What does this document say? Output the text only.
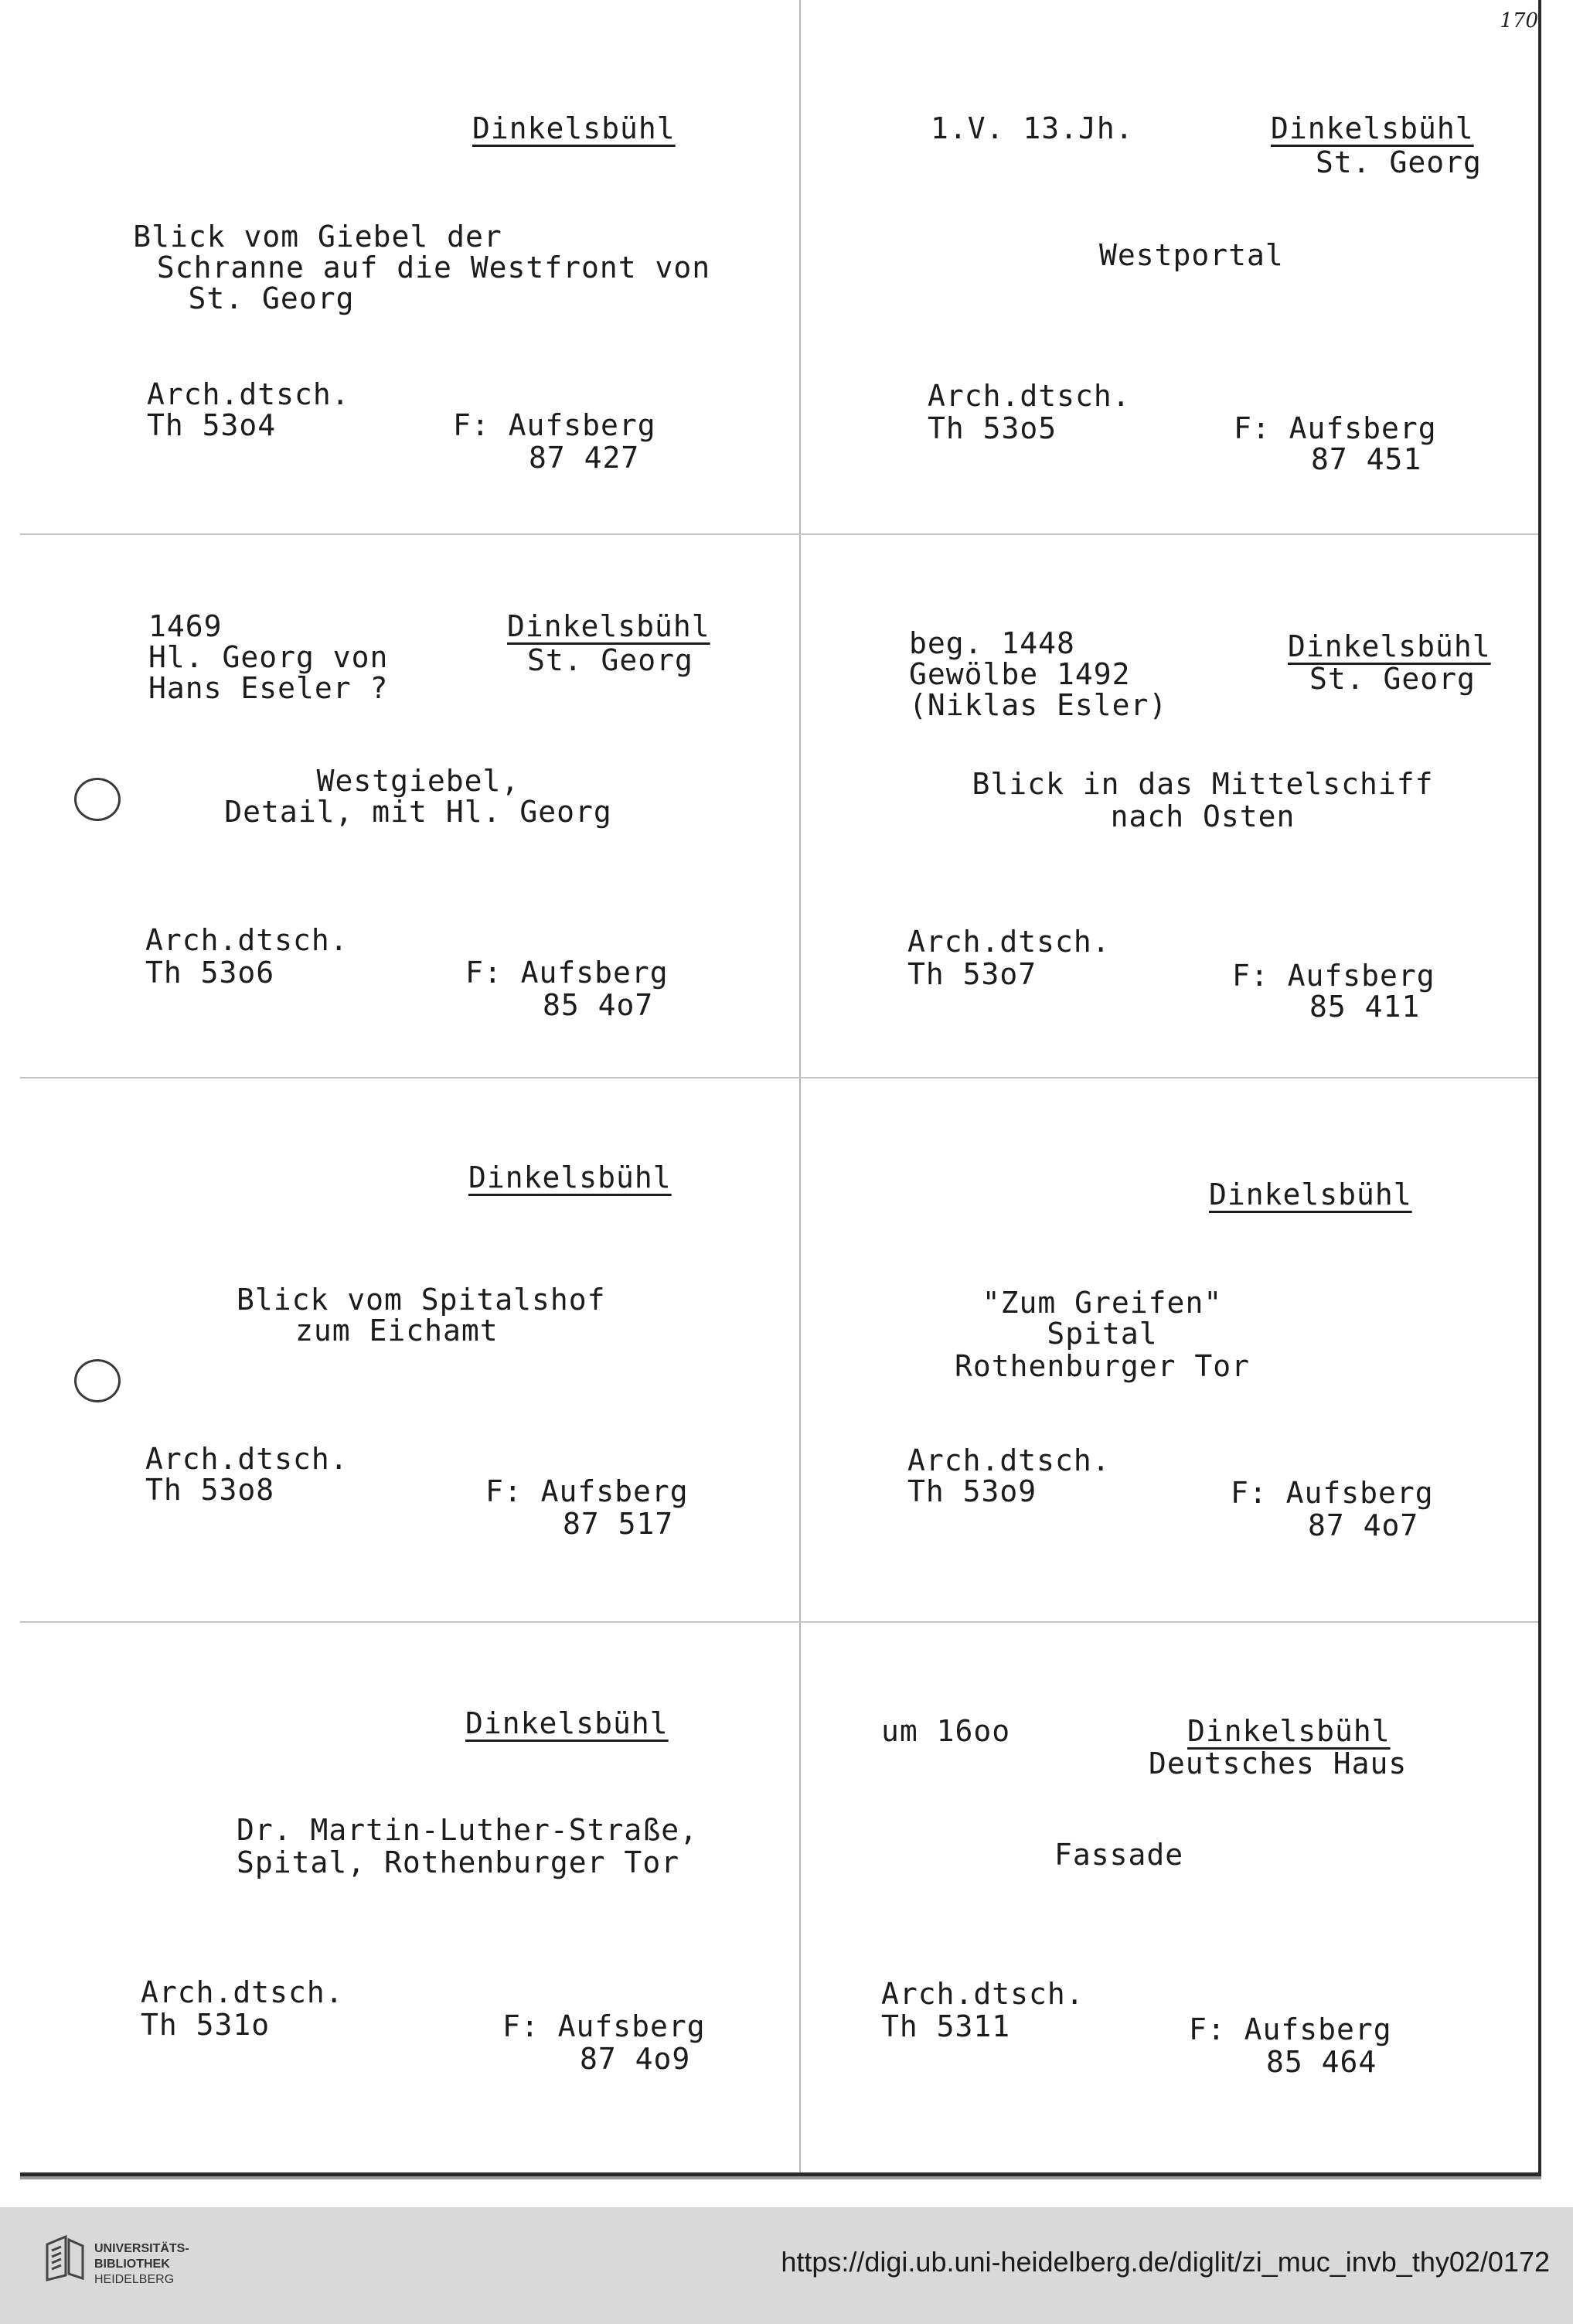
170
Dinkelsbühl
Blick vom Giebel der
Schranne auf die Westfront von
St. Georg
Arch.dtsch.
Th 53o4	F: Aufsberg
87 427
1.V. 13.Jh.	Dinkelsbühl
St. Georg
Westportal
Arch.dtsch.
Th 53o5	F: Aufsberg
87 451
1469
Hl. Georg von
Hans Eseler ?
Dinkelsbühl
St. Georg
Westgiebel,
Detail, mit Hl. Georg
Arch.dtsch.
Th 53o6	F: Aufsberg
85 4o7
beg. 1448
Gewölbe 1492
(Niklas Esler)
Dinkelsbühl
St. Georg
Blick in das Mittelschiff
nach Osten
Arch.dtsch.
Th 53o7	F: Aufsberg
85 411
Dinkelsbühl
Blick vom Spitalshof
zum Eichamt
Arch.dtsch.
Th 53o8	F: Aufsberg
87 517
Dinkelsbühl
"Zum Greifen"
Spital
Rothenburger Tor
Arch.dtsch.
Th 53o9	F: Aufsberg
87 4o7
Dinkelsbühl
Dr. Martin-Luther-Straße,
Spital, Rothenburger Tor
Arch.dtsch.
Th 531o	F: Aufsberg
87 4o9
um 16oo	Dinkelsbühl
Deutsches Haus
Fassade
Arch.dtsch.
Th 5311	F: Aufsberg
85 464
UNIVERSITÄTS-
BIBLIOTHEK
HEIDELBERG
https://digi.ub.uni-heidelberg.de/diglit/zi_muc_invb_thy02/0172
